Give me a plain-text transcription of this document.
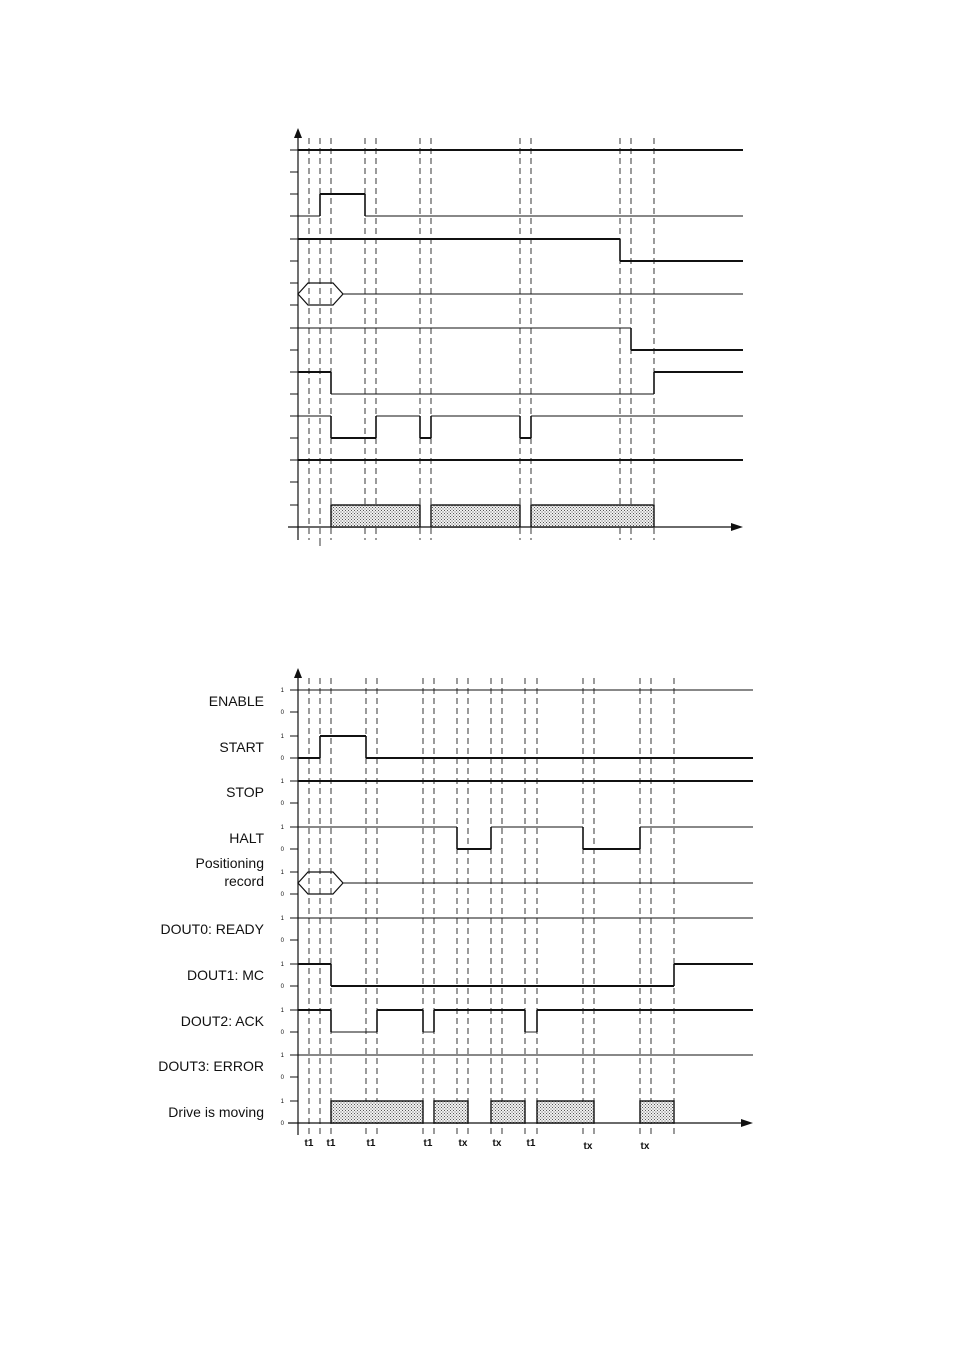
1
0
1
0
1
0
1
0
1
0
1
0
1
0
1
0
1
0
1
0
ENABLE
START
STOP
HALT
Positioning
record
DOUT0: READY
DOUT1: MC
DOUT2: ACK
DOUT3: ERROR
Drive is moving
t1 t1	t1	t1	tx	tx	t1	tx	tx
